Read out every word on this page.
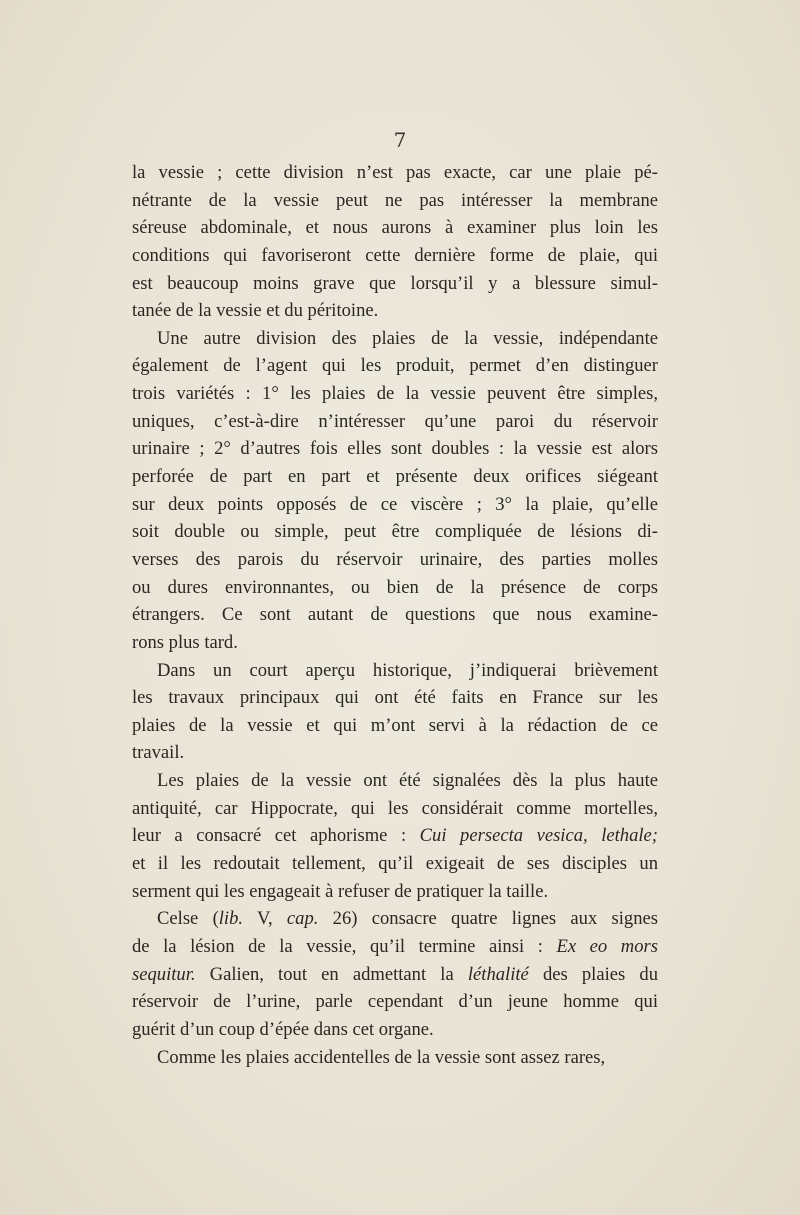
7
la vessie ; cette division n’est pas exacte, car une plaie pé-
nétrante de la vessie peut ne pas intéresser la membrane
séreuse abdominale, et nous aurons à examiner plus loin les
conditions qui favoriseront cette dernière forme de plaie, qui
est beaucoup moins grave que lorsqu’il y a blessure simul-
tanée de la vessie et du péritoine.
Une autre division des plaies de la vessie, indépendante
également de l’agent qui les produit, permet d’en distinguer
trois variétés : 1° les plaies de la vessie peuvent être simples,
uniques, c’est-à-dire n’intéresser qu’une paroi du réservoir
urinaire ; 2° d’autres fois elles sont doubles : la vessie est alors
perforée de part en part et présente deux orifices siégeant
sur deux points opposés de ce viscère ; 3° la plaie, qu’elle
soit double ou simple, peut être compliquée de lésions di-
verses des parois du réservoir urinaire, des parties molles
ou dures environnantes, ou bien de la présence de corps
étrangers. Ce sont autant de questions que nous examine-
rons plus tard.
Dans un court aperçu historique, j’indiquerai brièvement
les travaux principaux qui ont été faits en France sur les
plaies de la vessie et qui m’ont servi à la rédaction de ce
travail.
Les plaies de la vessie ont été signalées dès la plus haute
antiquité, car Hippocrate, qui les considérait comme mortelles,
leur a consacré cet aphorisme : Cui persecta vesica, lethale;
et il les redoutait tellement, qu’il exigeait de ses disciples un
serment qui les engageait à refuser de pratiquer la taille.
Celse (lib. V, cap. 26) consacre quatre lignes aux signes
de la lésion de la vessie, qu’il termine ainsi : Ex eo mors
sequitur. Galien, tout en admettant la léthalité des plaies du
réservoir de l’urine, parle cependant d’un jeune homme qui
guérit d’un coup d’épée dans cet organe.
Comme les plaies accidentelles de la vessie sont assez rares,
